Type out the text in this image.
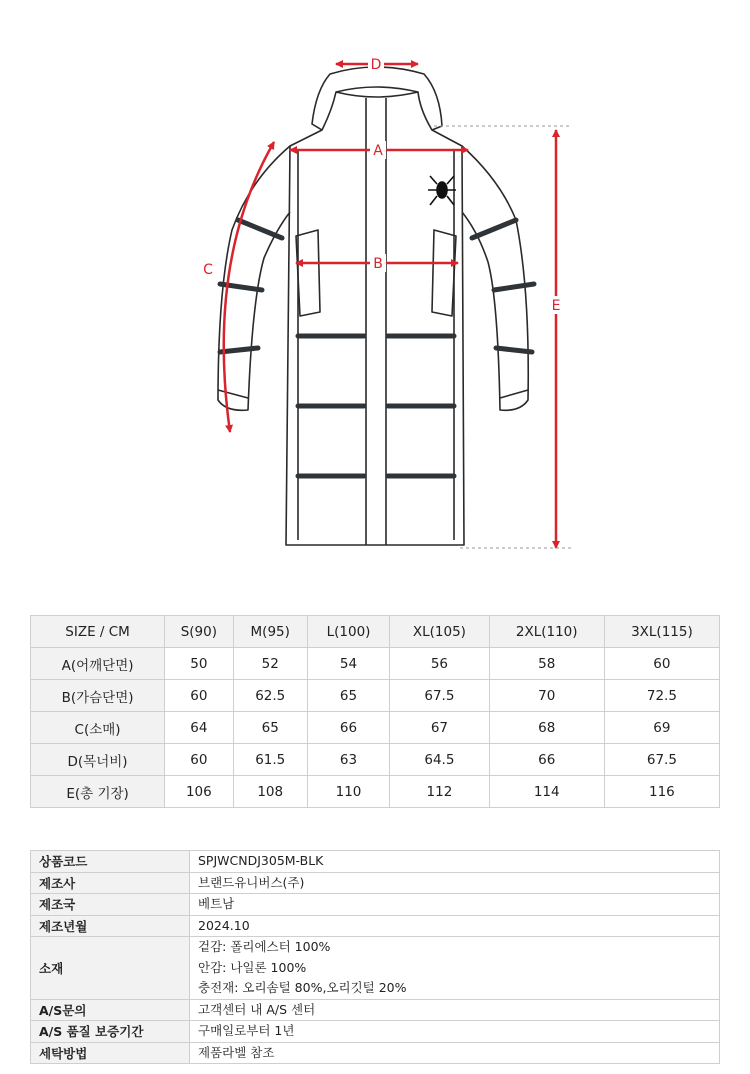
D
A
B
C
E
SIZE / CM	S(90)	M(95)	L(100)	XL(105)	2XL(110)	3XL(115)
A(어깨단면)	50	52	54	56	58	60
B(가슴단면)	60	62.5	65	67.5	70	72.5
C(소매)	64	65	66	67	68	69
D(목너비)	60	61.5	63	64.5	66	67.5
E(총 기장)	106	108	110	112	114	116
상품코드	SPJWCNDJ305M-BLK
제조사	브랜드유니버스(주)
제조국	베트남
제조년월	2024.10
소재	겉감: 폴리에스터 100%
안감: 나일론 100%
충전재: 오리솜털 80%,오리깃털 20%

A/S문의	고객센터 내 A/S 센터
A/S 품질 보증기간	구매일로부터 1년
세탁방법	제품라벨 참조
